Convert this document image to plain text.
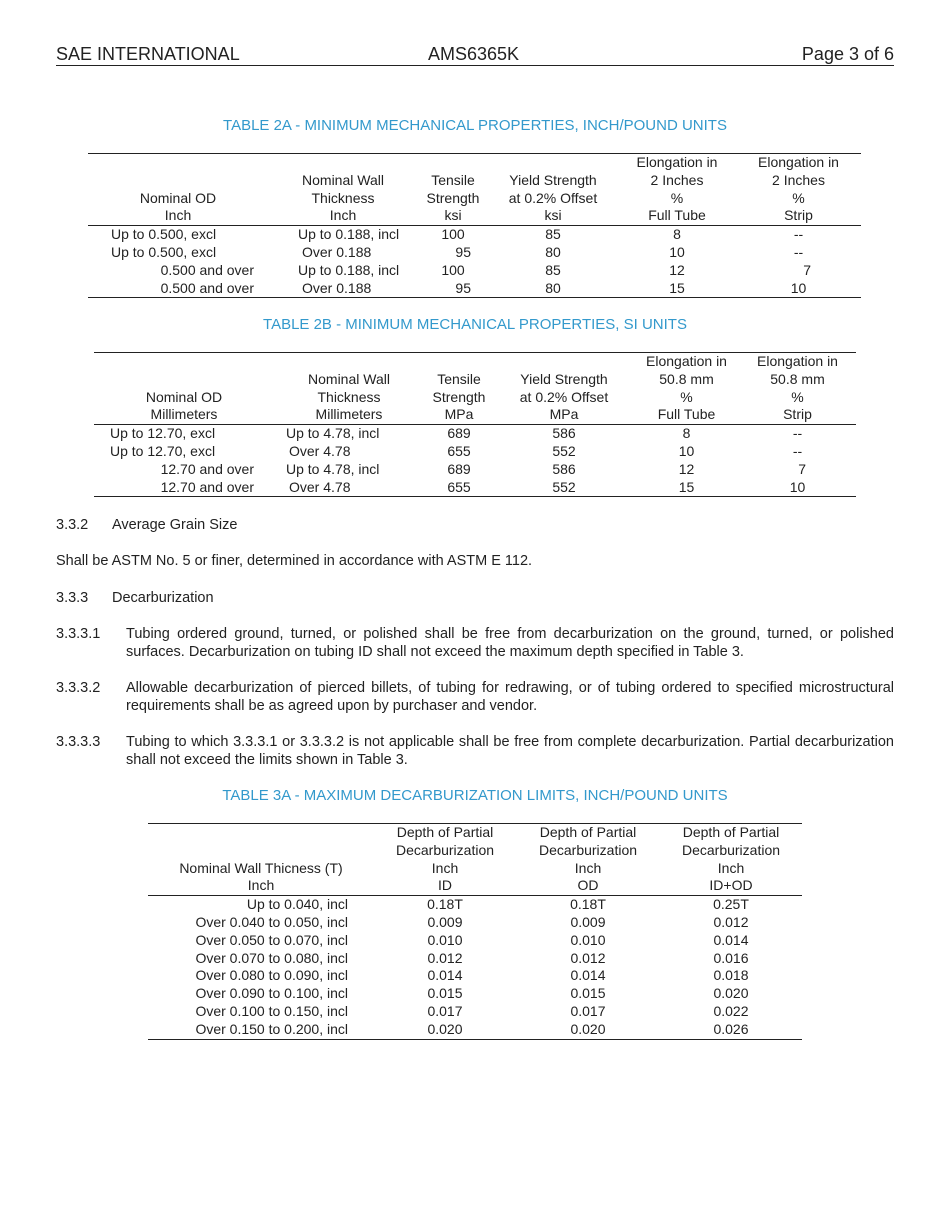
SAE INTERNATIONAL	AMS6365K	Page 3 of 6
TABLE 2A - MINIMUM MECHANICAL PROPERTIES, INCH/POUND UNITS
				Elongation in	Elongation in
	Nominal Wall	Tensile	Yield Strength	2 Inches	2 Inches
Nominal OD	Thickness	Strength	at 0.2% Offset	%	%
Inch	Inch	ksi	ksi	Full Tube	Strip
Up to 0.500, excl	Up to 0.188, incl	100	85	8	--
Up to 0.500, excl	Over 0.188	95	80	10	--
0.500 and over	Up to 0.188, incl	100	85	12	7
0.500 and over	Over 0.188	95	80	15	10
TABLE 2B - MINIMUM MECHANICAL PROPERTIES, SI UNITS
				Elongation in	Elongation in
	Nominal Wall	Tensile	Yield Strength	50.8 mm	50.8 mm
Nominal OD	Thickness	Strength	at 0.2% Offset	%	%
Millimeters	Millimeters	MPa	MPa	Full Tube	Strip
Up to 12.70, excl	Up to 4.78, incl	689	586	8	--
Up to 12.70, excl	Over 4.78	655	552	10	--
12.70 and over	Up to 4.78, incl	689	586	12	7
12.70 and over	Over 4.78	655	552	15	10
3.3.2 Average Grain Size
Shall be ASTM No. 5 or finer, determined in accordance with ASTM E 112.
3.3.3 Decarburization
3.3.3.1 Tubing ordered ground, turned, or polished shall be free from decarburization on the ground, turned, or polished surfaces. Decarburization on tubing ID shall not exceed the maximum depth specified in Table 3.
3.3.3.2 Allowable decarburization of pierced billets, of tubing for redrawing, or of tubing ordered to specified microstructural requirements shall be as agreed upon by purchaser and vendor.
3.3.3.3 Tubing to which 3.3.3.1 or 3.3.3.2 is not applicable shall be free from complete decarburization. Partial decarburization shall not exceed the limits shown in Table 3.
TABLE 3A - MAXIMUM DECARBURIZATION LIMITS, INCH/POUND UNITS
	Depth of Partial	Depth of Partial	Depth of Partial
	Decarburization	Decarburization	Decarburization
Nominal Wall Thicness (T)	Inch	Inch	Inch
Inch	ID	OD	ID+OD
Up to 0.040, incl	0.18T	0.18T	0.25T
Over 0.040 to 0.050, incl	0.009	0.009	0.012
Over 0.050 to 0.070, incl	0.010	0.010	0.014
Over 0.070 to 0.080, incl	0.012	0.012	0.016
Over 0.080 to 0.090, incl	0.014	0.014	0.018
Over 0.090 to 0.100, incl	0.015	0.015	0.020
Over 0.100 to 0.150, incl	0.017	0.017	0.022
Over 0.150 to 0.200, incl	0.020	0.020	0.026
